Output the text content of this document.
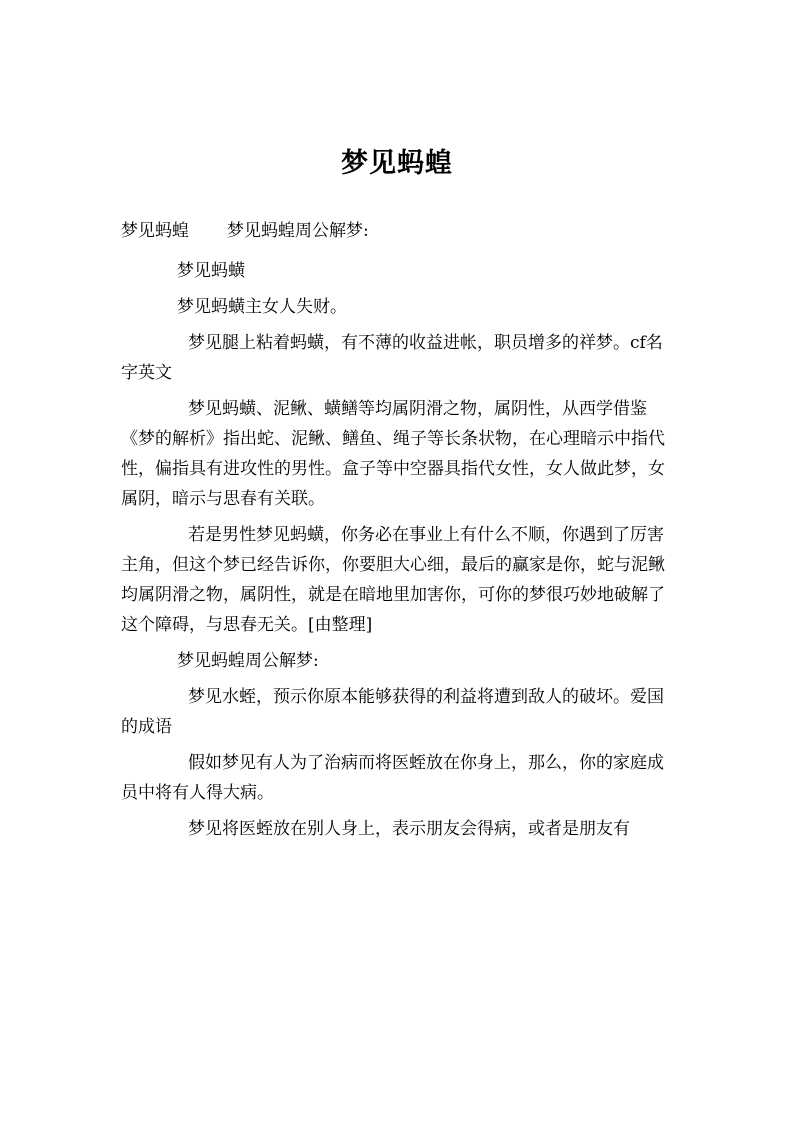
梦见蚂蝗

梦见蚂蝗 梦见蚂蝗周公解梦:

梦见蚂蟥

梦见蚂蟥主女人失财。

梦见腿上粘着蚂蟥，有不薄的收益进帐，职员增多的祥梦。cf名字英文

梦见蚂蟥、泥鳅、蟥鳝等均属阴滑之物，属阴性，从西学借鉴《梦的解析》指出蛇、泥鳅、鳝鱼、绳子等长条状物，在心理暗示中指代性，偏指具有进攻性的男性。盒子等中空器具指代女性，女人做此梦，女属阴，暗示与思春有关联。

若是男性梦见蚂蟥，你务必在事业上有什么不顺，你遇到了厉害主角，但这个梦已经告诉你，你要胆大心细，最后的赢家是你，蛇与泥鳅均属阴滑之物，属阴性，就是在暗地里加害你，可你的梦很巧妙地破解了这个障碍，与思春无关。[由整理]

梦见蚂蝗周公解梦:

梦见水蛭，预示你原本能够获得的利益将遭到敌人的破坏。爱国的成语

假如梦见有人为了治病而将医蛭放在你身上，那么，你的家庭成员中将有人得大病。

梦见将医蛭放在别人身上，表示朋友会得病，或者是朋友有
